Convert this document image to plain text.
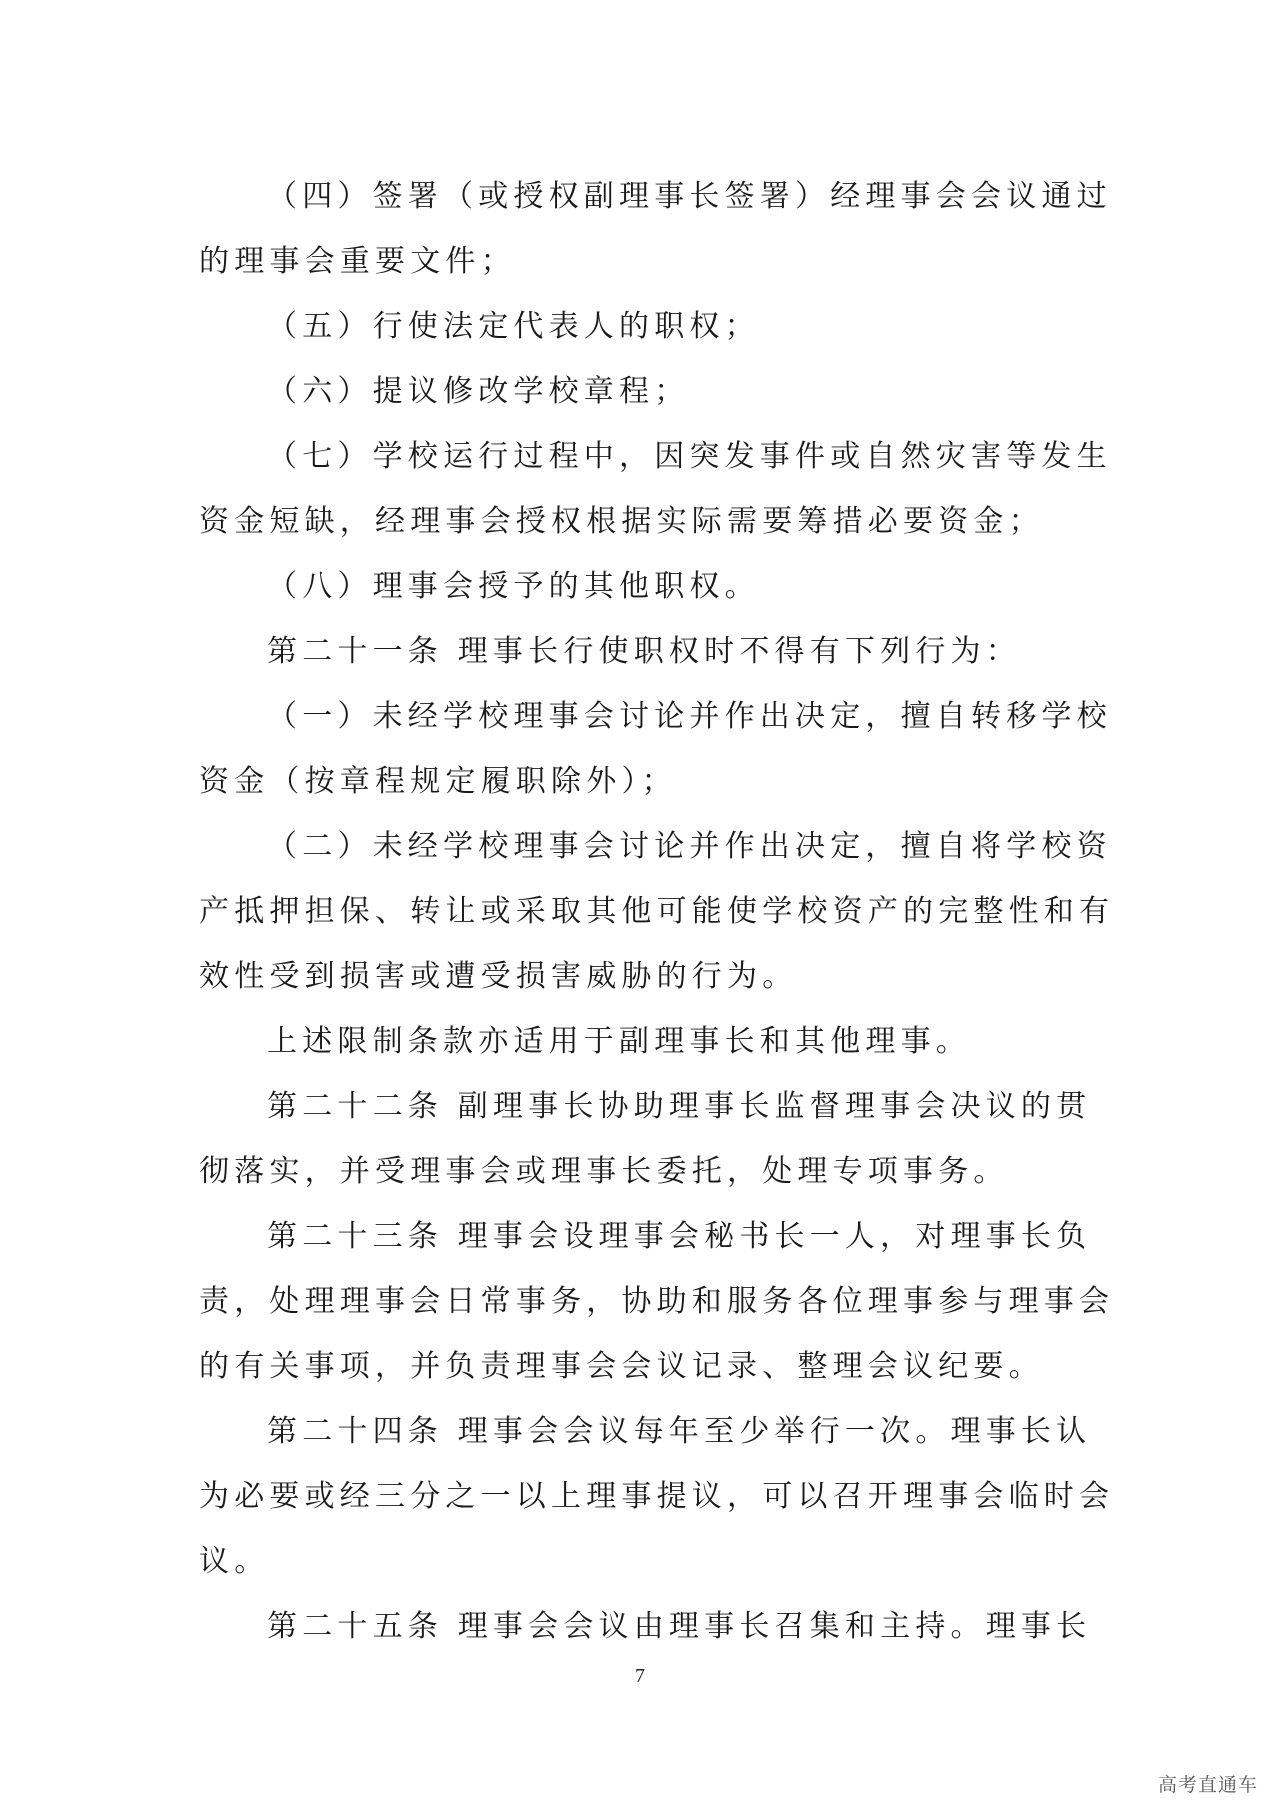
（四）签署（或授权副理事长签署）经理事会会议通过
的理事会重要文件；
（五）行使法定代表人的职权；
（六）提议修改学校章程；
（七）学校运行过程中，因突发事件或自然灾害等发生
资金短缺，经理事会授权根据实际需要筹措必要资金；
（八）理事会授予的其他职权。
第二十一条 理事长行使职权时不得有下列行为：
（一）未经学校理事会讨论并作出决定，擅自转移学校
资金（按章程规定履职除外）；
（二）未经学校理事会讨论并作出决定，擅自将学校资
产抵押担保、转让或采取其他可能使学校资产的完整性和有
效性受到损害或遭受损害威胁的行为。
上述限制条款亦适用于副理事长和其他理事。
第二十二条 副理事长协助理事长监督理事会决议的贯
彻落实，并受理事会或理事长委托，处理专项事务。
第二十三条 理事会设理事会秘书长一人，对理事长负
责，处理理事会日常事务，协助和服务各位理事参与理事会
的有关事项，并负责理事会会议记录、整理会议纪要。
第二十四条 理事会会议每年至少举行一次。理事长认
为必要或经三分之一以上理事提议，可以召开理事会临时会
议。
第二十五条 理事会会议由理事长召集和主持。理事长
7
高考直通车
